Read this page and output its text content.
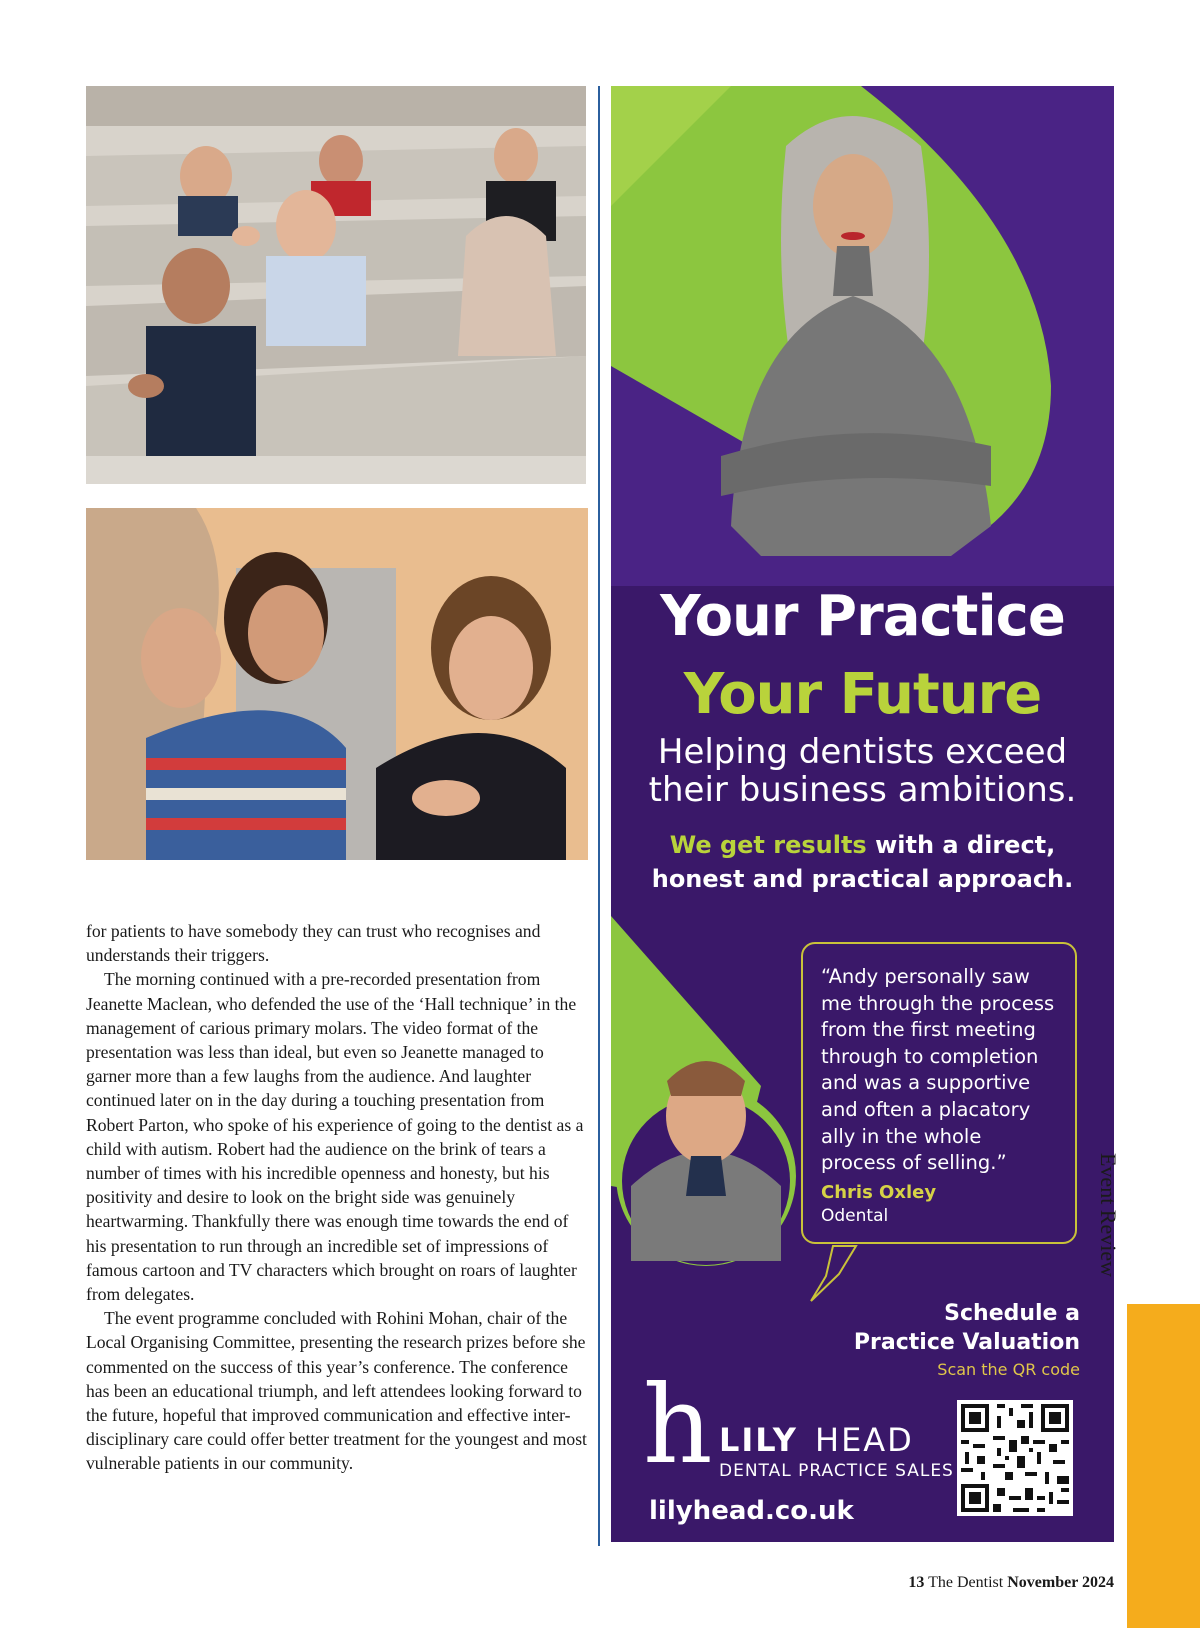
for patients to have somebody they can trust who recognises and understands their triggers.

The morning continued with a pre-recorded presentation from Jeanette Maclean, who defended the use of the ‘Hall technique’ in the management of carious primary molars. The video format of the presentation was less than ideal, but even so Jeanette managed to garner more than a few laughs from the audience. And laughter continued later on in the day during a touching presentation from Robert Parton, who spoke of his experience of going to the dentist as a child with autism. Robert had the audience on the brink of tears a number of times with his incredible openness and honesty, but his positivity and desire to look on the bright side was genuinely heartwarming. Thankfully there was enough time towards the end of his presentation to run through an incredible set of impressions of famous cartoon and TV characters which brought on roars of laughter from delegates.

The event programme concluded with Rohini Mohan, chair of the Local Organising Committee, presenting the research prizes before she commented on the success of this year’s conference. The conference has been an educational triumph, and left attendees looking forward to the future, hopeful that improved communication and effective inter-disciplinary care could offer better treatment for the youngest and most vulnerable patients in our community.

Your Practice
Your Future
Helping dentists exceed
their business ambitions.
We get results with a direct,
honest and practical approach.
“Andy personally saw me through the process from the first meeting through to completion and was a supportive and often a placatory ally in the whole process of selling.”
Chris Oxley
Odental
Schedule a
Practice Valuation
Scan the QR code
h LILY HEAD
DENTAL PRACTICE SALES
lilyhead.co.uk
Event Review
13 The Dentist November 2024
